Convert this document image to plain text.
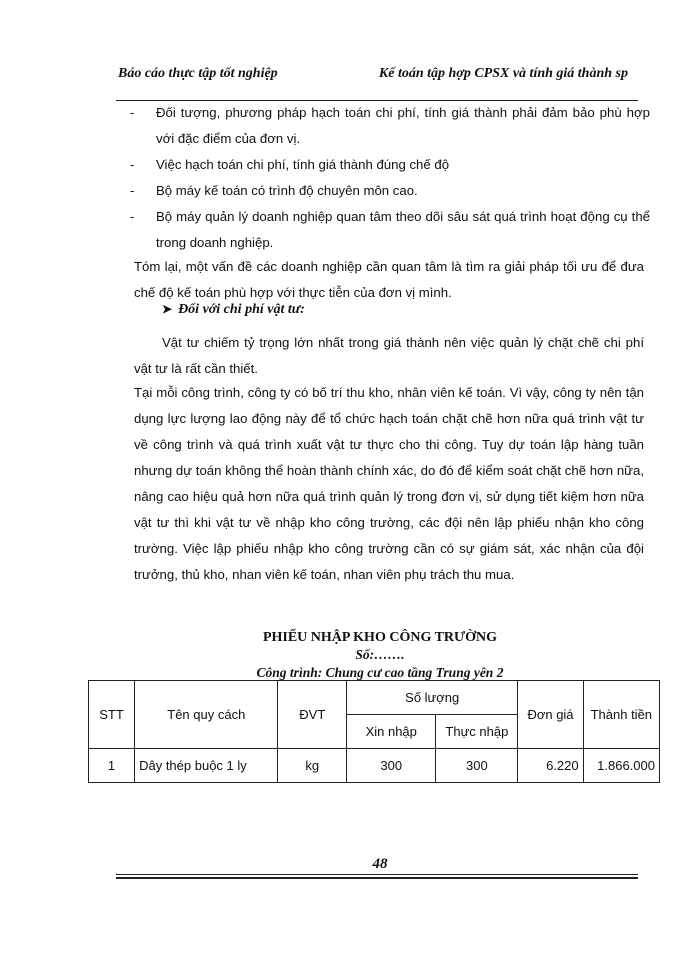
Báo cáo thực tập tốt nghiệp	Kế toán tập hợp CPSX và tính giá thành sp
- Đối tượng, phương pháp hạch toán chi phí, tính giá thành phải đảm bảo phù hợp với đặc điểm của đơn vị.
- Việc hạch toán chi phí, tính giá thành đúng chế độ
- Bộ máy kế toán có trình độ chuyên môn cao.
- Bộ máy quản lý doanh nghiệp quan tâm theo dõi sâu sát quá trình hoạt động cụ thể trong doanh nghiệp.

Tóm lại, một vấn đề các doanh nghiệp cần quan tâm là tìm ra giải pháp tối ưu để đưa chế độ kế toán phù hợp với thực tiễn của đơn vị mình.

➤ Đối với chi phí vật tư:

Vật tư chiếm tỷ trọng lớn nhất trong giá thành nên việc quản lý chặt chẽ chi phí vật tư là rất cần thiết.

Tại mỗi công trình, công ty có bố trí thu kho, nhân viên kế toán. Vì vậy, công ty nên tận dụng lực lượng lao động này để tổ chức hạch toán chặt chẽ hơn nữa quá trình vật tư về công trình và quá trình xuất vật tư thực cho thi công. Tuy dự toán lập hàng tuần nhưng dự toán không thể hoàn thành chính xác, do đó để kiểm soát chặt chẽ hơn nữa, nâng cao hiệu quả hơn nữa quá trình quản lý trong đơn vị, sử dụng tiết kiệm hơn nữa vật tư thì khi vật tư về nhập kho công trường, các đội nên lập phiếu nhận kho công trường. Việc lập phiếu nhập kho công trường cần có sự giám sát, xác nhận của đội trưởng, thủ kho, nhan viên kế toán, nhan viên phụ trách thu mua.

PHIẾU NHẬP KHO CÔNG TRƯỜNG
Số:…….
Công trình: Chung cư cao tầng Trung yên 2
STT	Tên quy cách	ĐVT	Số lượng		Đơn giá	Thành tiền
			Xin nhập	Thực nhập		
1	Dây thép buộc 1 ly	kg	300	300	6.220	1.866.000
48
